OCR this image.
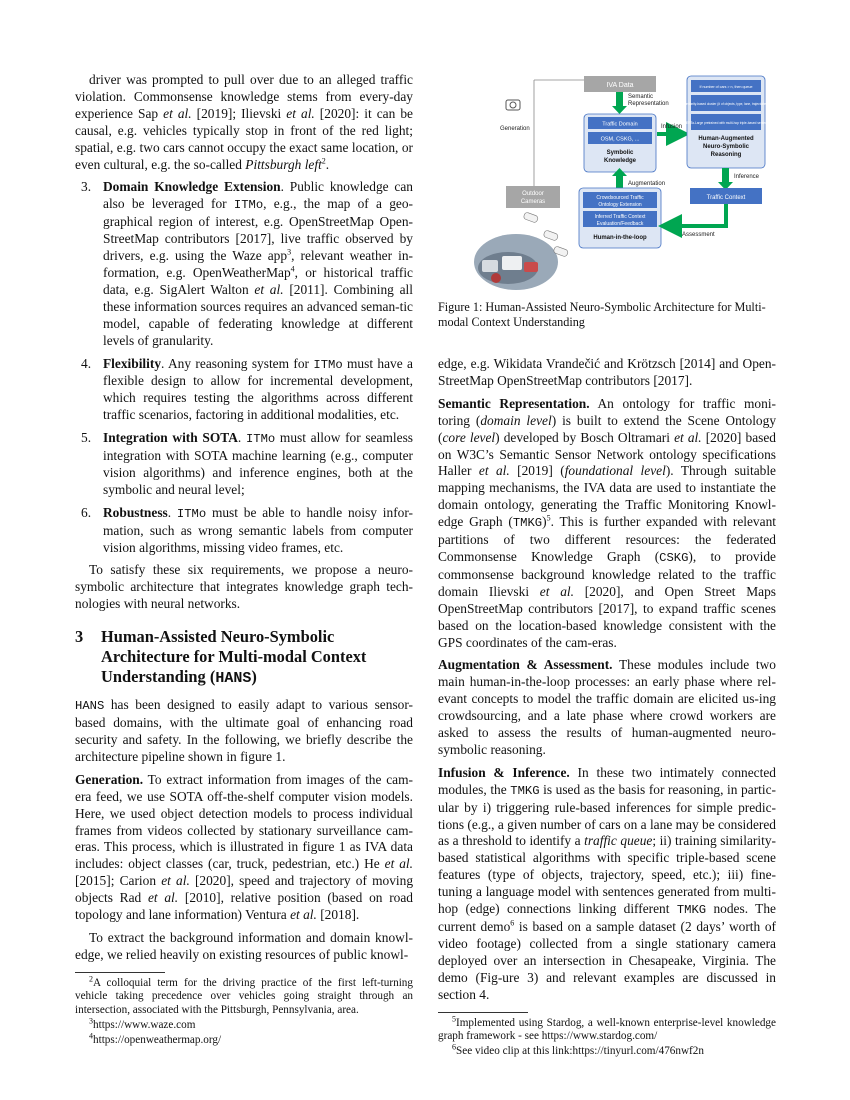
driver was prompted to pull over due to an alleged traffic violation. Commonsense knowledge stems from every-day experience Sap et al. [2019]; Ilievski et al. [2020]: it can be causal, e.g. vehicles typically stop in front of the red light; spatial, e.g. two cars cannot occupy the exact same location, or even cultural, e.g. the so-called Pittsburgh left$^2$.

3. Domain Knowledge Extension. Public knowledge can also be leveraged for ITMo, e.g., the map of a geo-graphical region of interest, e.g. OpenStreetMap Open-StreetMap contributors [2017], live traffic observed by drivers, e.g. using the Waze app$^3$, relevant weather in-formation, e.g. OpenWeatherMap$^4$, or historical traffic data, e.g. SigAlert Walton et al. [2011]. Combining all these information sources requires an advanced seman-tic model, capable of federating knowledge at different levels of granularity.
4. Flexibility. Any reasoning system for ITMo must have a flexible design to allow for incremental development, which requires testing the algorithms across different traffic scenarios, factoring in additional modalities, etc.
5. Integration with SOTA. ITMo must allow for seamless integration with SOTA machine learning (e.g., computer vision algorithms) and inference engines, both at the symbolic and neural level;
6. Robustness. ITMo must be able to handle noisy infor-mation, such as wrong semantic labels from computer vision algorithms, missing video frames, etc.

To satisfy these six requirements, we propose a neuro-symbolic architecture that integrates knowledge graph tech-nologies with neural networks.

3	Human-Assisted Neuro-Symbolic Architecture for Multi-modal Context Understanding (HANS)

HANS has been designed to easily adapt to various sensor-based domains, with the ultimate goal of enhancing road security and safety. In the following, we briefly describe the architecture pipeline shown in figure 1.

Generation. To extract information from images of the cam-era feed, we use SOTA off-the-shelf computer vision models. Here, we used object detection models to process individual frames from videos collected by stationary surveillance cam-eras. This process, which is illustrated in figure 1 as IVA data includes: object classes (car, truck, pedestrian, etc.) He et al. [2015]; Carion et al. [2020], speed and trajectory of moving objects Rad et al. [2010], relative position (based on road topology and lane information) Ventura et al. [2018].

To extract the background information and domain knowl-edge, we relied heavily on existing resources of public knowl-

$^2$A colloquial term for the driving practice of the first left-turning vehicle taking precedence over vehicles going straight through an intersection, associated with the Pittsburgh, Pennsylvania, area.

$^3$https://www.waze.com

$^4$https://openweathermap.org/

IVA Data
Semantic
Representation
Generation
Traffic Domain
OSM, CSKG, ...
Symbolic
Knowledge
Infusion
If number of cars > n, then queue
Similarity-based cluster (# of objects, type, lane, trajectories)
BeBERTa-Large pretrained with multi-hop triple-based sentences
Human-Augmented
Neuro-Symbolic
Reasoning
Inference
Traffic Context
Outdoor
Cameras
Augmentation
Crowdsourced Traffic
Ontology Extension
Inferred Traffic Context
Evaluation/Feedback
Human-in-the-loop	Assessment
Figure 1: Human-Assisted Neuro-Symbolic Architecture for Multi-modal Context Understanding

edge, e.g. Wikidata Vrandečić and Krötzsch [2014] and Open-StreetMap OpenStreetMap contributors [2017].

Semantic Representation. An ontology for traffic moni-toring (domain level) is built to extend the Scene Ontology (core level) developed by Bosch Oltramari et al. [2020] based on W3C’s Semantic Sensor Network ontology specifications Haller et al. [2019] (foundational level). Through suitable mapping mechanisms, the IVA data are used to instantiate the domain ontology, generating the Traffic Monitoring Knowl-edge Graph (TMKG)$^5$. This is further expanded with relevant partitions of two different resources: the federated Commonsense Knowledge Graph (CSKG), to provide commonsense background knowledge related to the traffic domain Ilievski et al. [2020], and Open Street Maps OpenStreetMap contributors [2017], to expand traffic scenes based on the location-based knowledge consistent with the GPS coordinates of the cam-eras.

Augmentation & Assessment. These modules include two main human-in-the-loop processes: an early phase where rel-evant concepts to model the traffic domain are elicited us-ing crowdsourcing, and a late phase where crowd workers are asked to assess the results of human-augmented neuro-symbolic reasoning.

Infusion & Inference. In these two intimately connected modules, the TMKG is used as the basis for reasoning, in partic-ular by i) triggering rule-based inferences for simple predic-tions (e.g., a given number of cars on a lane may be considered as a threshold to identify a traffic queue; ii) training similarity-based statistical algorithms with specific triple-based scene features (type of objects, trajectory, speed, etc.); iii) fine-tuning a language model with sentences generated from multi-hop (edge) connections linking different TMKG nodes. The current demo$^6$ is based on a sample dataset (2 days’ worth of video footage) collected from a single stationary camera deployed over an intersection in Chesapeake, Virginia. The demo (Fig-ure 3) and relevant examples are discussed in section 4.

$^5$Implemented using Stardog, a well-known enterprise-level knowledge graph framework - see https://www.stardog.com/

$^6$See video clip at this link:https://tinyurl.com/476nwf2n
